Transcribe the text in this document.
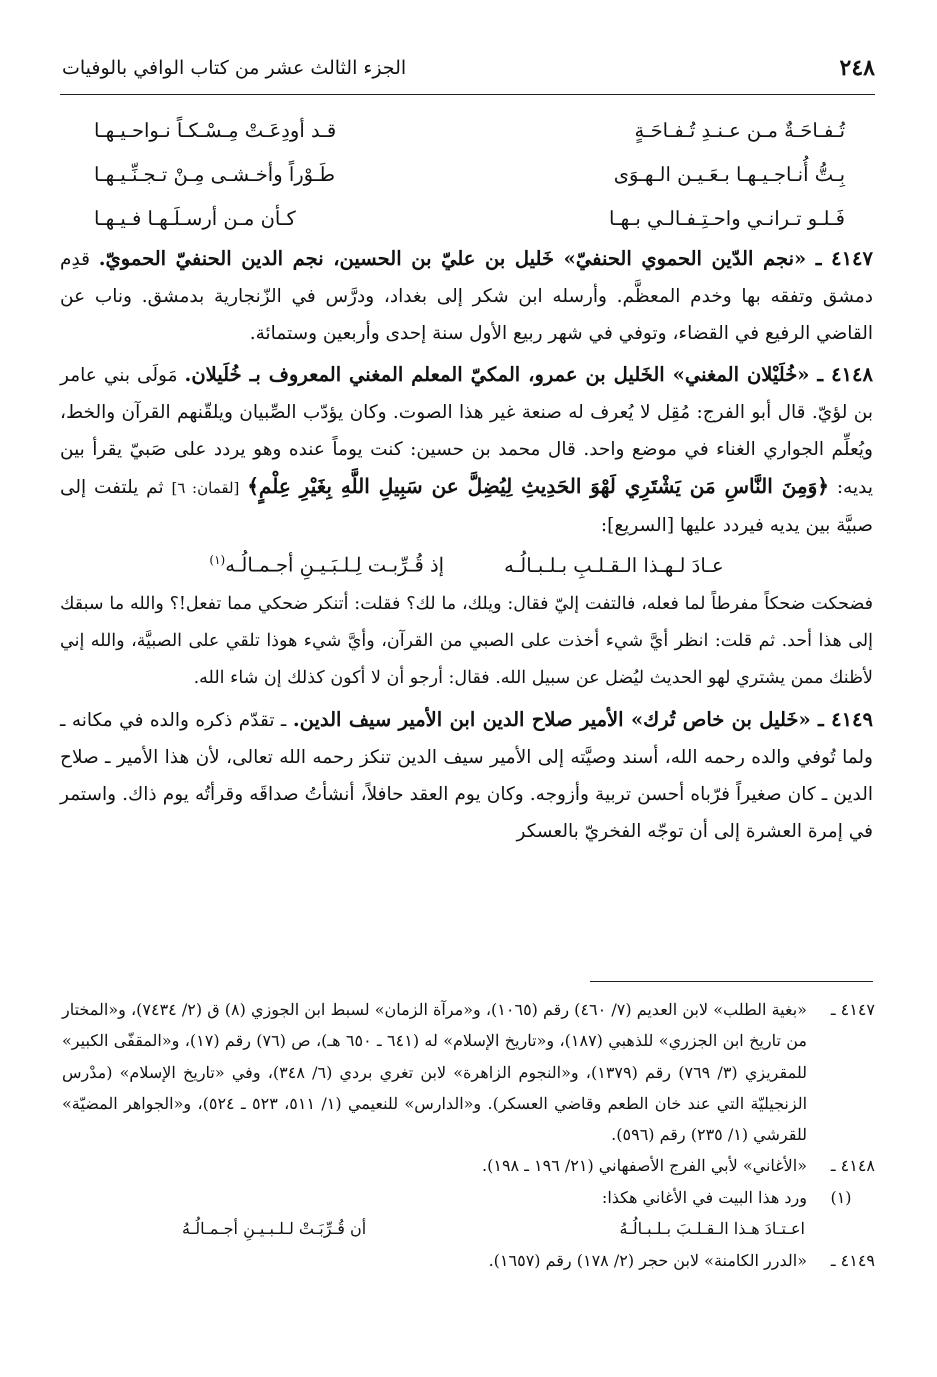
٢٤٨
الجزء الثالث عشر من كتاب الوافي بالوفيات
تُـفـاحَـةٌ مـن عـنـدِ تُـفـاحَـةٍ
قـد أودِعَـتْ مِـسْـكـاً نـواحـيـهـا
بِـتُّ أُنـاجـيـهـا بـعَـيـن الـهـوَى
طَـوْراً وأخـشـى مِـنْ تـجـنِّـيـهـا
فَـلـو تـرانـي واحـتِـفـالـي بـهـا
كـأن مـن أرسـلَـهـا فـيـهـا

٤١٤٧ ـ «نجم الدّين الحموي الحنفيّ» خَليل بن عليّ بن الحسين، نجم الدين الحنفيّ الحمويّ. قدِم دمشق وتفقه بها وخدم المعظَّم. وأرسله ابن شكر إلى بغداد، ودرَّس في الزّنجارية بدمشق. وناب عن القاضي الرفيع في القضاء، وتوفي في شهر ربيع الأول سنة إحدى وأربعين وستمائة.

٤١٤٨ ـ «خُلَيْلان المغني» الخَليل بن عمرو، المكيّ المعلم المغني المعروف بـ خُلَيلان. مَولَى بني عامر بن لؤيّ. قال أبو الفرج: مُقِل لا يُعرف له صنعة غير هذا الصوت. وكان يؤدّب الصِّبيان ويلقّنهم القرآن والخط، ويُعلِّم الجواري الغناء في موضع واحد. قال محمد بن حسين: كنت يوماً عنده وهو يردد على صَبيّ يقرأ بين يديه: ﴿وَمِنَ النَّاسِ مَن يَشْتَرِي لَهْوَ الحَدِيثِ لِيُضِلَّ عن سَبِيلِ اللَّهِ بِغَيْرِ عِلْمٍ﴾ [لقمان: ٦] ثم يلتفت إلى صبيَّة بين يديه فيردد عليها [السريع]:

عـادَ لـهـذا الـقـلـبِ بـلـبـالُـه
إذ قُـرِّبـت لِـلـبَـيـنِ أجـمـالُـه$^{(١)}$

فضحكت ضحكاً مفرطاً لما فعله، فالتفت إليّ فقال: ويلك، ما لك؟ فقلت: أتنكر ضحكي مما تفعل!؟ والله ما سبقك إلى هذا أحد. ثم قلت: انظر أيَّ شيء أخذت على الصبي من القرآن، وأيَّ شيء هوذا تلقي على الصبيَّة، والله إني لأظنك ممن يشتري لهو الحديث ليُضل عن سبيل الله. فقال: أرجو أن لا أكون كذلك إن شاء الله.

٤١٤٩ ـ «خَليل بن خاص تُرك» الأمير صلاح الدين ابن الأمير سيف الدين. ـ تقدّم ذكره والده في مكانه ـ ولما تُوفي والده رحمه الله، أسند وصيَّته إلى الأمير سيف الدين تنكز رحمه الله تعالى، لأن هذا الأمير ـ صلاح الدين ـ كان صغيراً فرّباه أحسن تربية وأزوجه. وكان يوم العقد حافلاً، أنشأتُ صداقَه وقرأتُه يوم ذاك. واستمر في إمرة العشرة إلى أن توجّه الفخريّ بالعسكر

٤١٤٧ ـ
«بغية الطلب» لابن العديم (٧/ ٤٦٠) رقم (١٠٦٥)، و«مرآة الزمان» لسبط ابن الجوزي (٨) ق (٢/ ٧٤٣٤)، و«المختار من تاريخ ابن الجزري» للذهبي (١٨٧)، و«تاريخ الإسلام» له (٦٤١ ـ ٦٥٠ هـ)، ص (٧٦) رقم (١٧)، و«المقفّى الكبير» للمقريزي (٣/ ٧٦٩) رقم (١٣٧٩)، و«النجوم الزاهرة» لابن تغري بردي (٦/ ٣٤٨)، وفي «تاريخ الإسلام» (مدْرس الزنجيليّة التي عند خان الطعم وقاضي العسكر). و«الدارس» للنعيمي (١/ ٥١١، ٥٢٣ ـ ٥٢٤)، و«الجواهر المضيّة» للقرشي (١/ ٢٣٥) رقم (٥٩٦).
٤١٤٨ ـ
«الأغاني» لأبي الفرج الأصفهاني (٢١/ ١٩٦ ـ ١٩٨).
(١)
ورد هذا البيت في الأغاني هكذا:
اعـتـادَ هـذا الـقـلـبَ بـلـبـالُـهُ
أن قُـرِّبَـتْ لـلـبـيـنِ أجـمـالُـهُ
٤١٤٩ ـ
«الدرر الكامنة» لابن حجر (٢/ ١٧٨) رقم (١٦٥٧).
